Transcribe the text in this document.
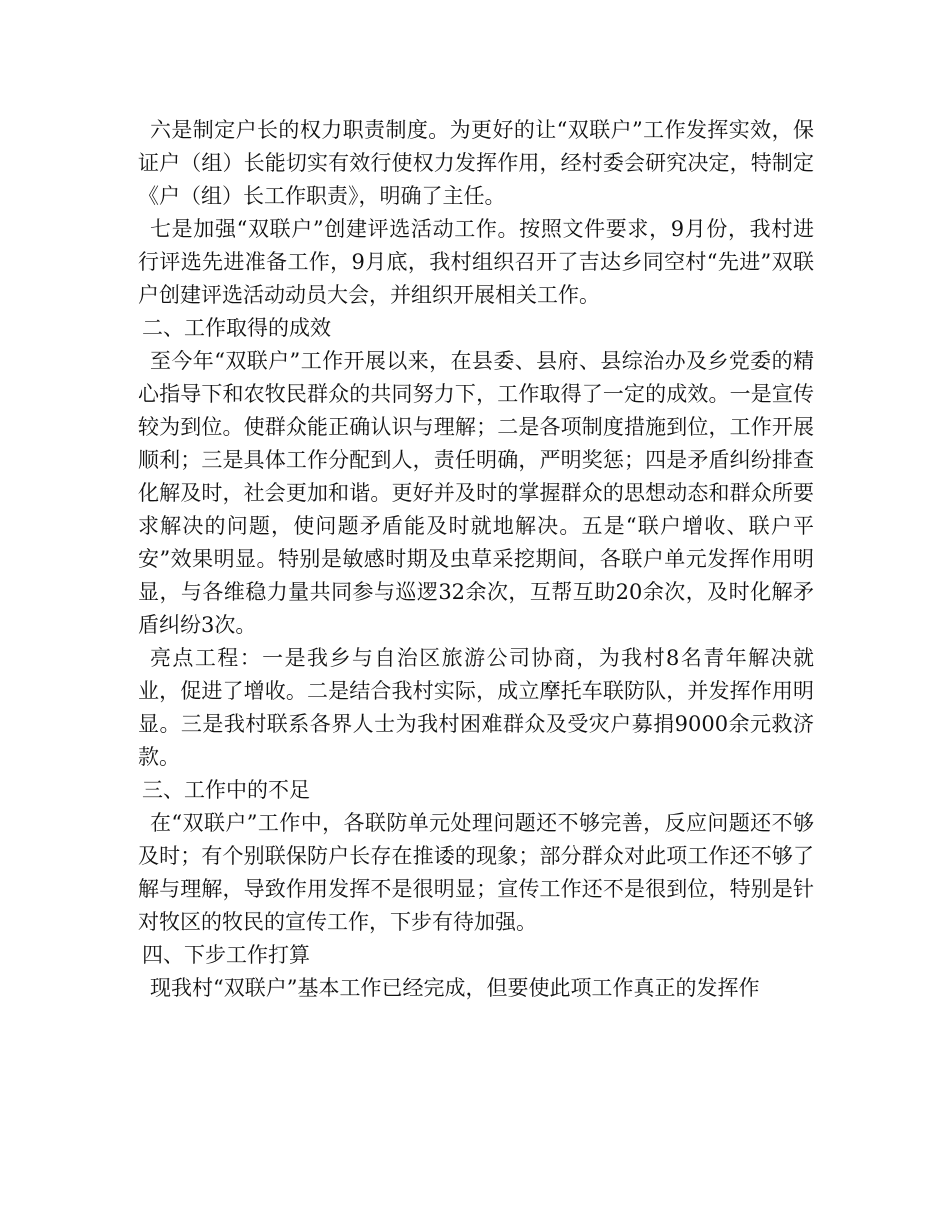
六是制定户长的权力职责制度。为更好的让“双联户”工作发挥实效，保证户（组）长能切实有效行使权力发挥作用，经村委会研究决定，特制定《户（组）长工作职责》，明确了主任。

七是加强“双联户”创建评选活动工作。按照文件要求，9月份，我村进行评选先进准备工作，9月底，我村组织召开了吉达乡同空村“先进”双联户创建评选活动动员大会，并组织开展相关工作。

二、工作取得的成效

至今年“双联户”工作开展以来，在县委、县府、县综治办及乡党委的精心指导下和农牧民群众的共同努力下，工作取得了一定的成效。一是宣传较为到位。使群众能正确认识与理解；二是各项制度措施到位，工作开展顺利；三是具体工作分配到人，责任明确，严明奖惩；四是矛盾纠纷排查化解及时，社会更加和谐。更好并及时的掌握群众的思想动态和群众所要求解决的问题，使问题矛盾能及时就地解决。五是“联户增收、联户平安”效果明显。特别是敏感时期及虫草采挖期间，各联户单元发挥作用明显，与各维稳力量共同参与巡逻32余次，互帮互助20余次，及时化解矛盾纠纷3次。

亮点工程：一是我乡与自治区旅游公司协商，为我村8名青年解决就业，促进了增收。二是结合我村实际，成立摩托车联防队，并发挥作用明显。三是我村联系各界人士为我村困难群众及受灾户募捐9000余元救济款。

三、工作中的不足

在“双联户”工作中，各联防单元处理问题还不够完善，反应问题还不够及时；有个别联保防户长存在推诿的现象；部分群众对此项工作还不够了解与理解，导致作用发挥不是很明显；宣传工作还不是很到位，特别是针对牧区的牧民的宣传工作，下步有待加强。

四、下步工作打算

现我村“双联户”基本工作已经完成，但要使此项工作真正的发挥作
